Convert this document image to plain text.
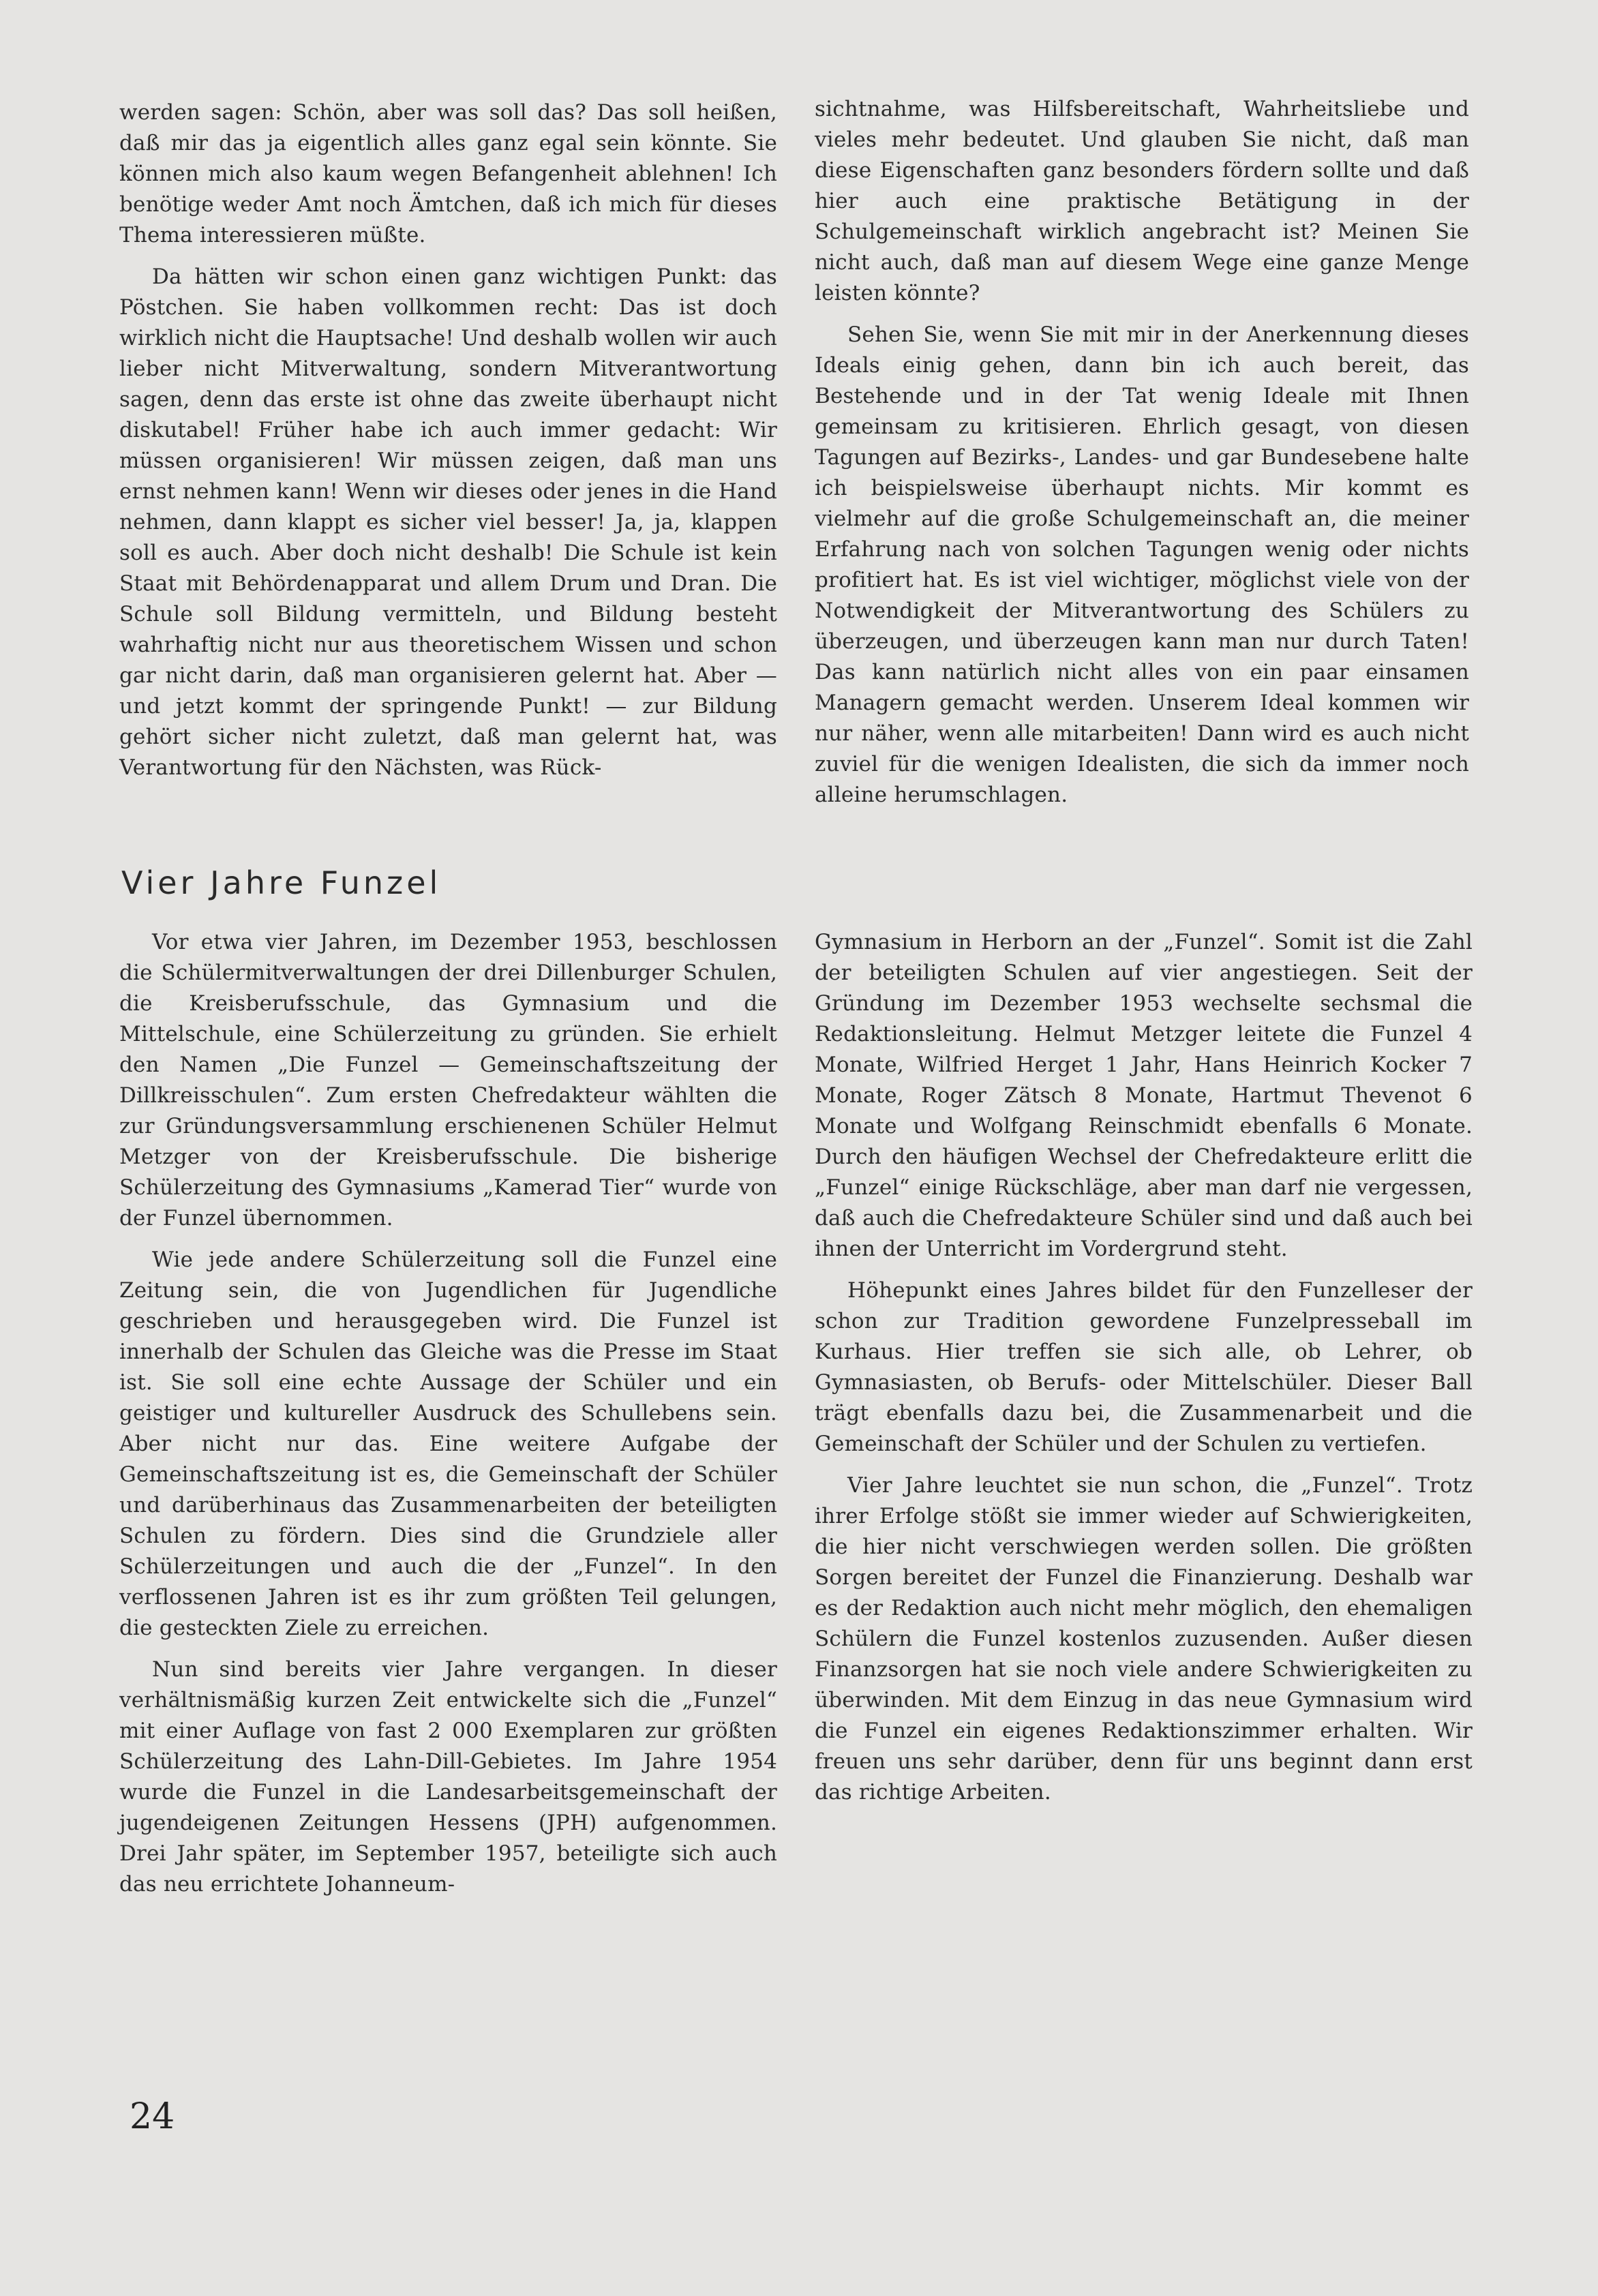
werden sagen: Schön, aber was soll das? Das soll heißen, daß mir das ja eigentlich alles ganz egal sein könnte. Sie können mich also kaum wegen Befangenheit ablehnen! Ich benötige weder Amt noch Ämtchen, daß ich mich für dieses Thema interessieren müßte.

Da hätten wir schon einen ganz wichtigen Punkt: das Pöstchen. Sie haben vollkommen recht: Das ist doch wirklich nicht die Hauptsache! Und deshalb wollen wir auch lieber nicht Mitverwaltung, sondern Mitverantwortung sagen, denn das erste ist ohne das zweite überhaupt nicht diskutabel! Früher habe ich auch immer gedacht: Wir müssen organisieren! Wir müssen zeigen, daß man uns ernst nehmen kann! Wenn wir dieses oder jenes in die Hand nehmen, dann klappt es sicher viel besser! Ja, ja, klappen soll es auch. Aber doch nicht deshalb! Die Schule ist kein Staat mit Behördenapparat und allem Drum und Dran. Die Schule soll Bildung vermitteln, und Bildung besteht wahrhaftig nicht nur aus theoretischem Wissen und schon gar nicht darin, daß man organisieren gelernt hat. Aber — und jetzt kommt der springende Punkt! — zur Bildung gehört sicher nicht zuletzt, daß man gelernt hat, was Verantwortung für den Nächsten, was Rück-

sichtnahme, was Hilfsbereitschaft, Wahrheitsliebe und vieles mehr bedeutet. Und glauben Sie nicht, daß man diese Eigenschaften ganz besonders fördern sollte und daß hier auch eine praktische Betätigung in der Schulgemeinschaft wirklich angebracht ist? Meinen Sie nicht auch, daß man auf diesem Wege eine ganze Menge leisten könnte?

Sehen Sie, wenn Sie mit mir in der Anerkennung dieses Ideals einig gehen, dann bin ich auch bereit, das Bestehende und in der Tat wenig Ideale mit Ihnen gemeinsam zu kritisieren. Ehrlich gesagt, von diesen Tagungen auf Bezirks-, Landes- und gar Bundesebene halte ich beispielsweise überhaupt nichts. Mir kommt es vielmehr auf die große Schulgemeinschaft an, die meiner Erfahrung nach von solchen Tagungen wenig oder nichts profitiert hat. Es ist viel wichtiger, möglichst viele von der Notwendigkeit der Mitverantwortung des Schülers zu überzeugen, und überzeugen kann man nur durch Taten! Das kann natürlich nicht alles von ein paar einsamen Managern gemacht werden. Unserem Ideal kommen wir nur näher, wenn alle mitarbeiten! Dann wird es auch nicht zuviel für die wenigen Idealisten, die sich da immer noch alleine herumschlagen.

Vier Jahre Funzel

Vor etwa vier Jahren, im Dezember 1953, beschlossen die Schülermitverwaltungen der drei Dillenburger Schulen, die Kreisberufsschule, das Gymnasium und die Mittelschule, eine Schülerzeitung zu gründen. Sie erhielt den Namen „Die Funzel — Gemeinschaftszeitung der Dillkreisschulen“. Zum ersten Chefredakteur wählten die zur Gründungsversammlung erschienenen Schüler Helmut Metzger von der Kreisberufsschule. Die bisherige Schülerzeitung des Gymnasiums „Kamerad Tier“ wurde von der Funzel übernommen.

Wie jede andere Schülerzeitung soll die Funzel eine Zeitung sein, die von Jugendlichen für Jugendliche geschrieben und herausgegeben wird. Die Funzel ist innerhalb der Schulen das Gleiche was die Presse im Staat ist. Sie soll eine echte Aussage der Schüler und ein geistiger und kultureller Ausdruck des Schullebens sein. Aber nicht nur das. Eine weitere Aufgabe der Gemeinschaftszeitung ist es, die Gemeinschaft der Schüler und darüberhinaus das Zusammenarbeiten der beteiligten Schulen zu fördern. Dies sind die Grundziele aller Schülerzeitungen und auch die der „Funzel“. In den verflossenen Jahren ist es ihr zum größten Teil gelungen, die gesteckten Ziele zu erreichen.

Nun sind bereits vier Jahre vergangen. In dieser verhältnismäßig kurzen Zeit entwickelte sich die „Funzel“ mit einer Auflage von fast 2 000 Exemplaren zur größten Schülerzeitung des Lahn-Dill-Gebietes. Im Jahre 1954 wurde die Funzel in die Landesarbeitsgemeinschaft der jugendeigenen Zeitungen Hessens (JPH) aufgenommen. Drei Jahr später, im September 1957, beteiligte sich auch das neu errichtete Johanneum-

Gymnasium in Herborn an der „Funzel“. Somit ist die Zahl der beteiligten Schulen auf vier angestiegen. Seit der Gründung im Dezember 1953 wechselte sechsmal die Redaktionsleitung. Helmut Metzger leitete die Funzel 4 Monate, Wilfried Herget 1 Jahr, Hans Heinrich Kocker 7 Monate, Roger Zätsch 8 Monate, Hartmut Thevenot 6 Monate und Wolfgang Reinschmidt ebenfalls 6 Monate. Durch den häufigen Wechsel der Chefredakteure erlitt die „Funzel“ einige Rückschläge, aber man darf nie vergessen, daß auch die Chefredakteure Schüler sind und daß auch bei ihnen der Unterricht im Vordergrund steht.

Höhepunkt eines Jahres bildet für den Funzelleser der schon zur Tradition gewordene Funzelpresseball im Kurhaus. Hier treffen sie sich alle, ob Lehrer, ob Gymnasiasten, ob Berufs- oder Mittelschüler. Dieser Ball trägt ebenfalls dazu bei, die Zusammenarbeit und die Gemeinschaft der Schüler und der Schulen zu vertiefen.

Vier Jahre leuchtet sie nun schon, die „Funzel“. Trotz ihrer Erfolge stößt sie immer wieder auf Schwierigkeiten, die hier nicht verschwiegen werden sollen. Die größten Sorgen bereitet der Funzel die Finanzierung. Deshalb war es der Redaktion auch nicht mehr möglich, den ehemaligen Schülern die Funzel kostenlos zuzusenden. Außer diesen Finanzsorgen hat sie noch viele andere Schwierigkeiten zu überwinden. Mit dem Einzug in das neue Gymnasium wird die Funzel ein eigenes Redaktionszimmer erhalten. Wir freuen uns sehr darüber, denn für uns beginnt dann erst das richtige Arbeiten.

24
